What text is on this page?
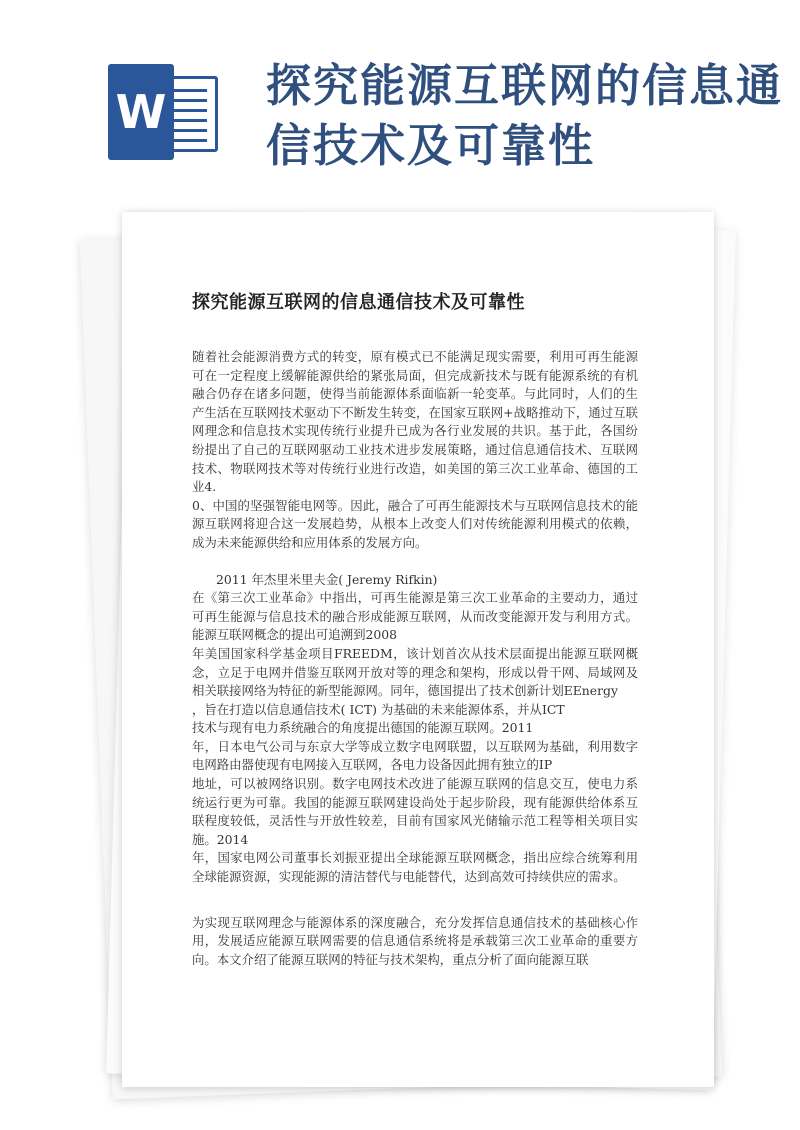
W 探究能源互联网的信息通信技术及可靠性
探究能源互联网的信息通信技术及可靠性

随着社会能源消费方式的转变，原有模式已不能满足现实需要，利用可再生能源可在一定程度上缓解能源供给的紧张局面，但完成新技术与既有能源系统的有机融合仍存在诸多问题，使得当前能源体系面临新一轮变革。与此同时，人们的生产生活在互联网技术驱动下不断发生转变，在国家互联网+战略推动下，通过互联网理念和信息技术实现传统行业提升已成为各行业发展的共识。基于此，各国纷纷提出了自己的互联网驱动工业技术进步发展策略，通过信息通信技术、互联网技术、物联网技术等对传统行业进行改造，如美国的第三次工业革命、德国的工业4.

0、中国的坚强智能电网等。因此，融合了可再生能源技术与互联网信息技术的能源互联网将迎合这一发展趋势，从根本上改变人们对传统能源利用模式的依赖，成为未来能源供给和应用体系的发展方向。

2011 年杰里米里夫金( Jeremy Rifkin)

在《第三次工业革命》中指出，可再生能源是第三次工业革命的主要动力，通过可再生能源与信息技术的融合形成能源互联网，从而改变能源开发与利用方式。能源互联网概念的提出可追溯到2008

年美国国家科学基金项目FREEDM，该计划首次从技术层面提出能源互联网概念，立足于电网并借鉴互联网开放对等的理念和架构，形成以骨干网、局域网及相关联接网络为特征的新型能源网。同年，德国提出了技术创新计划EEnergy

，旨在打造以信息通信技术( ICT) 为基础的未来能源体系，并从ICT

技术与现有电力系统融合的角度提出德国的能源互联网。2011

年，日本电气公司与东京大学等成立数字电网联盟，以互联网为基础，利用数字电网路由器使现有电网接入互联网，各电力设备因此拥有独立的IP

地址，可以被网络识别。数字电网技术改进了能源互联网的信息交互，使电力系统运行更为可靠。我国的能源互联网建设尚处于起步阶段，现有能源供给体系互联程度较低，灵活性与开放性较差，目前有国家风光储输示范工程等相关项目实施。2014

年，国家电网公司董事长刘振亚提出全球能源互联网概念，指出应综合统筹利用全球能源资源，实现能源的清洁替代与电能替代，达到高效可持续供应的需求。

为实现互联网理念与能源体系的深度融合，充分发挥信息通信技术的基础核心作用，发展适应能源互联网需要的信息通信系统将是承载第三次工业革命的重要方向。本文介绍了能源互联网的特征与技术架构，重点分析了面向能源互联
